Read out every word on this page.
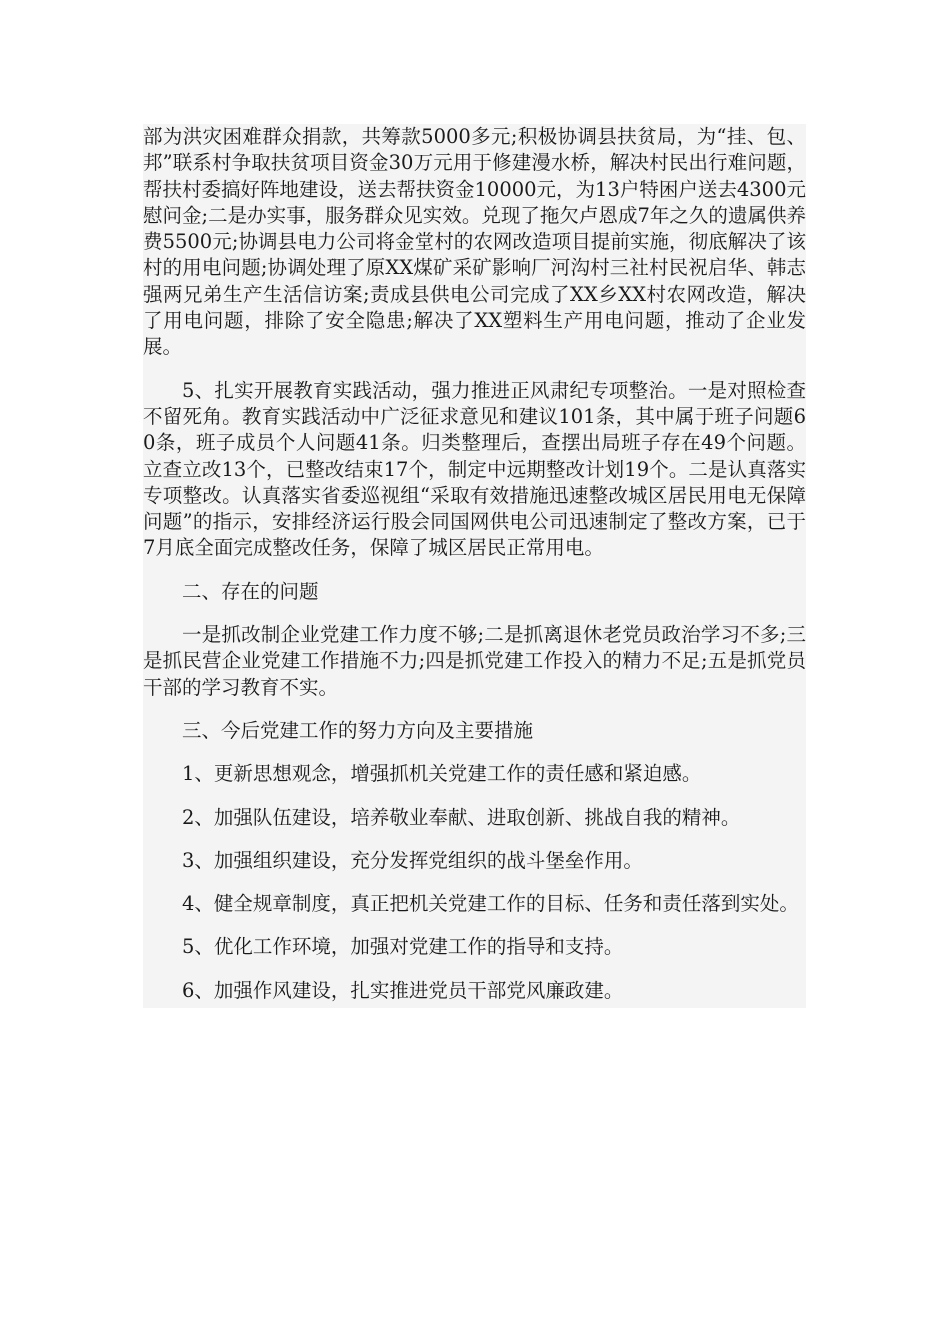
部为洪灾困难群众捐款，共筹款5000多元;积极协调县扶贫局，为“挂、包、邦”联系村争取扶贫项目资金30万元用于修建漫水桥，解决村民出行难问题，帮扶村委搞好阵地建设，送去帮扶资金10000元，为13户特困户送去4300元慰问金;二是办实事，服务群众见实效。兑现了拖欠卢恩成7年之久的遗属供养费5500元;协调县电力公司将金堂村的农网改造项目提前实施，彻底解决了该村的用电问题;协调处理了原XX煤矿采矿影响厂河沟村三社村民祝启华、韩志强两兄弟生产生活信访案;责成县供电公司完成了XX乡XX村农网改造，解决了用电问题，排除了安全隐患;解决了XX塑料生产用电问题，推动了企业发展。

5、扎实开展教育实践活动，强力推进正风肃纪专项整治。一是对照检查不留死角。教育实践活动中广泛征求意见和建议101条，其中属于班子问题60条，班子成员个人问题41条。归类整理后，查摆出局班子存在49个问题。立查立改13个，已整改结束17个，制定中远期整改计划19个。二是认真落实专项整改。认真落实省委巡视组“采取有效措施迅速整改城区居民用电无保障问题”的指示，安排经济运行股会同国网供电公司迅速制定了整改方案，已于7月底全面完成整改任务，保障了城区居民正常用电。

二、存在的问题

一是抓改制企业党建工作力度不够;二是抓离退休老党员政治学习不多;三是抓民营企业党建工作措施不力;四是抓党建工作投入的精力不足;五是抓党员干部的学习教育不实。

三、今后党建工作的努力方向及主要措施

1、更新思想观念，增强抓机关党建工作的责任感和紧迫感。

2、加强队伍建设，培养敬业奉献、进取创新、挑战自我的精神。

3、加强组织建设，充分发挥党组织的战斗堡垒作用。

4、健全规章制度，真正把机关党建工作的目标、任务和责任落到实处。

5、优化工作环境，加强对党建工作的指导和支持。

6、加强作风建设，扎实推进党员干部党风廉政建。
